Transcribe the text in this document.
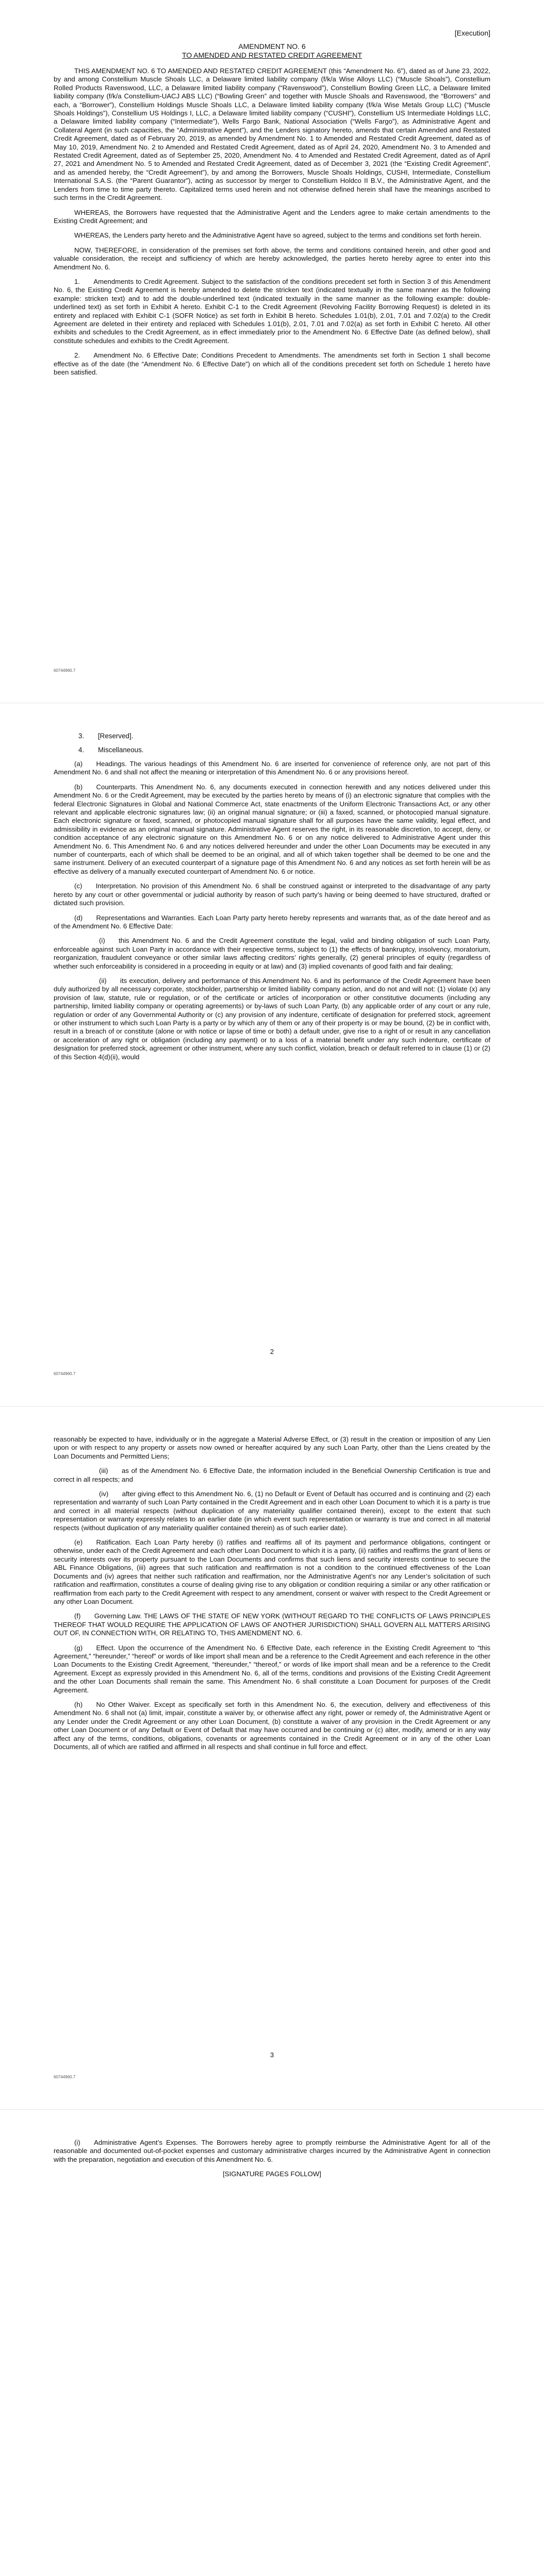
[Execution]
AMENDMENT NO. 6
TO AMENDED AND RESTATED CREDIT AGREEMENT

THIS AMENDMENT NO. 6 TO AMENDED AND RESTATED CREDIT AGREEMENT (this “Amendment No. 6”), dated as of June 23, 2022, by and among Constellium Muscle Shoals LLC, a Delaware limited liability company (f/k/a Wise Alloys LLC) (“Muscle Shoals”), Constellium Rolled Products Ravenswood, LLC, a Delaware limited liability company (“Ravenswood”), Constellium Bowling Green LLC, a Delaware limited liability company (f/k/a Constellium-UACJ ABS LLC) (“Bowling Green” and together with Muscle Shoals and Ravenswood, the “Borrowers” and each, a “Borrower”), Constellium Holdings Muscle Shoals LLC, a Delaware limited liability company (f/k/a Wise Metals Group LLC) (“Muscle Shoals Holdings”), Constellium US Holdings I, LLC, a Delaware limited liability company (“CUSHI”), Constellium US Intermediate Holdings LLC, a Delaware limited liability company (“Intermediate”), Wells Fargo Bank, National Association (“Wells Fargo”), as Administrative Agent and Collateral Agent (in such capacities, the “Administrative Agent”), and the Lenders signatory hereto, amends that certain Amended and Restated Credit Agreement, dated as of February 20, 2019, as amended by Amendment No. 1 to Amended and Restated Credit Agreement, dated as of May 10, 2019, Amendment No. 2 to Amended and Restated Credit Agreement, dated as of April 24, 2020, Amendment No. 3 to Amended and Restated Credit Agreement, dated as of September 25, 2020, Amendment No. 4 to Amended and Restated Credit Agreement, dated as of April 27, 2021 and Amendment No. 5 to Amended and Restated Credit Agreement, dated as of December 3, 2021 (the “Existing Credit Agreement”, and as amended hereby, the “Credit Agreement”), by and among the Borrowers, Muscle Shoals Holdings, CUSHI, Intermediate, Constellium International S.A.S. (the “Parent Guarantor”), acting as successor by merger to Constellium Holdco II B.V., the Administrative Agent, and the Lenders from time to time party thereto. Capitalized terms used herein and not otherwise defined herein shall have the meanings ascribed to such terms in the Credit Agreement.

WHEREAS, the Borrowers have requested that the Administrative Agent and the Lenders agree to make certain amendments to the Existing Credit Agreement; and

WHEREAS, the Lenders party hereto and the Administrative Agent have so agreed, subject to the terms and conditions set forth herein.

NOW, THEREFORE, in consideration of the premises set forth above, the terms and conditions contained herein, and other good and valuable consideration, the receipt and sufficiency of which are hereby acknowledged, the parties hereto hereby agree to enter into this Amendment No. 6.

1.  Amendments to Credit Agreement. Subject to the satisfaction of the conditions precedent set forth in Section 3 of this Amendment No. 6, the Existing Credit Agreement is hereby amended to delete the stricken text (indicated textually in the same manner as the following example: stricken text) and to add the double-underlined text (indicated textually in the same manner as the following example: double-underlined text) as set forth in Exhibit A hereto. Exhibit C-1 to the Credit Agreement (Revolving Facility Borrowing Request) is deleted in its entirety and replaced with Exhibit C-1 (SOFR Notice) as set forth in Exhibit B hereto. Schedules 1.01(b), 2.01, 7.01 and 7.02(a) to the Credit Agreement are deleted in their entirety and replaced with Schedules 1.01(b), 2.01, 7.01 and 7.02(a) as set forth in Exhibit C hereto. All other exhibits and schedules to the Credit Agreement, as in effect immediately prior to the Amendment No. 6 Effective Date (as defined below), shall constitute schedules and exhibits to the Credit Agreement.

2.  Amendment No. 6 Effective Date; Conditions Precedent to Amendments. The amendments set forth in Section 1 shall become effective as of the date (the “Amendment No. 6 Effective Date”) on which all of the conditions precedent set forth on Schedule 1 hereto have been satisfied.

60744960.7
3.  [Reserved].
4.  Miscellaneous.

(a)  Headings. The various headings of this Amendment No. 6 are inserted for convenience of reference only, are not part of this Amendment No. 6 and shall not affect the meaning or interpretation of this Amendment No. 6 or any provisions hereof.

(b)  Counterparts. This Amendment No. 6, any documents executed in connection herewith and any notices delivered under this Amendment No. 6 or the Credit Agreement, may be executed by the parties hereto by means of (i) an electronic signature that complies with the federal Electronic Signatures in Global and National Commerce Act, state enactments of the Uniform Electronic Transactions Act, or any other relevant and applicable electronic signatures law; (ii) an original manual signature; or (iii) a faxed, scanned, or photocopied manual signature. Each electronic signature or faxed, scanned, or photocopied manual signature shall for all purposes have the same validity, legal effect, and admissibility in evidence as an original manual signature. Administrative Agent reserves the right, in its reasonable discretion, to accept, deny, or condition acceptance of any electronic signature on this Amendment No. 6 or on any notice delivered to Administrative Agent under this Amendment No. 6. This Amendment No. 6 and any notices delivered hereunder and under the other Loan Documents may be executed in any number of counterparts, each of which shall be deemed to be an original, and all of which taken together shall be deemed to be one and the same instrument. Delivery of an executed counterpart of a signature page of this Amendment No. 6 and any notices as set forth herein will be as effective as delivery of a manually executed counterpart of Amendment No. 6 or notice.

(c)  Interpretation. No provision of this Amendment No. 6 shall be construed against or interpreted to the disadvantage of any party hereto by any court or other governmental or judicial authority by reason of such party’s having or being deemed to have structured, drafted or dictated such provision.

(d)  Representations and Warranties. Each Loan Party party hereto hereby represents and warrants that, as of the date hereof and as of the Amendment No. 6 Effective Date:

(i)  this Amendment No. 6 and the Credit Agreement constitute the legal, valid and binding obligation of such Loan Party, enforceable against such Loan Party in accordance with their respective terms, subject to (1) the effects of bankruptcy, insolvency, moratorium, reorganization, fraudulent conveyance or other similar laws affecting creditors’ rights generally, (2) general principles of equity (regardless of whether such enforceability is considered in a proceeding in equity or at law) and (3) implied covenants of good faith and fair dealing;

(ii)  its execution, delivery and performance of this Amendment No. 6 and its performance of the Credit Agreement have been duly authorized by all necessary corporate, stockholder, partnership or limited liability company action, and do not and will not: (1) violate (x) any provision of law, statute, rule or regulation, or of the certificate or articles of incorporation or other constitutive documents (including any partnership, limited liability company or operating agreements) or by-laws of such Loan Party, (b) any applicable order of any court or any rule, regulation or order of any Governmental Authority or (c) any provision of any indenture, certificate of designation for preferred stock, agreement or other instrument to which such Loan Party is a party or by which any of them or any of their property is or may be bound, (2) be in conflict with, result in a breach of or constitute (alone or with notice or lapse of time or both) a default under, give rise to a right of or result in any cancellation or acceleration of any right or obligation (including any payment) or to a loss of a material benefit under any such indenture, certificate of designation for preferred stock, agreement or other instrument, where any such conflict, violation, breach or default referred to in clause (1) or (2) of this Section 4(d)(ii), would

2
60744960.7

reasonably be expected to have, individually or in the aggregate a Material Adverse Effect, or (3) result in the creation or imposition of any Lien upon or with respect to any property or assets now owned or hereafter acquired by any such Loan Party, other than the Liens created by the Loan Documents and Permitted Liens;

(iii)  as of the Amendment No. 6 Effective Date, the information included in the Beneficial Ownership Certification is true and correct in all respects; and

(iv)  after giving effect to this Amendment No. 6, (1) no Default or Event of Default has occurred and is continuing and (2) each representation and warranty of such Loan Party contained in the Credit Agreement and in each other Loan Document to which it is a party is true and correct in all material respects (without duplication of any materiality qualifier contained therein), except to the extent that such representation or warranty expressly relates to an earlier date (in which event such representation or warranty is true and correct in all material respects (without duplication of any materiality qualifier contained therein) as of such earlier date).

(e)  Ratification. Each Loan Party hereby (i) ratifies and reaffirms all of its payment and performance obligations, contingent or otherwise, under each of the Credit Agreement and each other Loan Document to which it is a party, (ii) ratifies and reaffirms the grant of liens or security interests over its property pursuant to the Loan Documents and confirms that such liens and security interests continue to secure the ABL Finance Obligations, (iii) agrees that such ratification and reaffirmation is not a condition to the continued effectiveness of the Loan Documents and (iv) agrees that neither such ratification and reaffirmation, nor the Administrative Agent’s nor any Lender’s solicitation of such ratification and reaffirmation, constitutes a course of dealing giving rise to any obligation or condition requiring a similar or any other ratification or reaffirmation from each party to the Credit Agreement with respect to any amendment, consent or waiver with respect to the Credit Agreement or any other Loan Document.

(f)  Governing Law. THE LAWS OF THE STATE OF NEW YORK (WITHOUT REGARD TO THE CONFLICTS OF LAWS PRINCIPLES THEREOF THAT WOULD REQUIRE THE APPLICATION OF LAWS OF ANOTHER JURISDICTION) SHALL GOVERN ALL MATTERS ARISING OUT OF, IN CONNECTION WITH, OR RELATING TO, THIS AMENDMENT NO. 6.

(g)  Effect. Upon the occurrence of the Amendment No. 6 Effective Date, each reference in the Existing Credit Agreement to “this Agreement,” “hereunder,” “hereof” or words of like import shall mean and be a reference to the Credit Agreement and each reference in the other Loan Documents to the Existing Credit Agreement, “thereunder,” “thereof,” or words of like import shall mean and be a reference to the Credit Agreement. Except as expressly provided in this Amendment No. 6, all of the terms, conditions and provisions of the Existing Credit Agreement and the other Loan Documents shall remain the same. This Amendment No. 6 shall constitute a Loan Document for purposes of the Credit Agreement.

(h)  No Other Waiver. Except as specifically set forth in this Amendment No. 6, the execution, delivery and effectiveness of this Amendment No. 6 shall not (a) limit, impair, constitute a waiver by, or otherwise affect any right, power or remedy of, the Administrative Agent or any Lender under the Credit Agreement or any other Loan Document, (b) constitute a waiver of any provision in the Credit Agreement or any other Loan Document or of any Default or Event of Default that may have occurred and be continuing or (c) alter, modify, amend or in any way affect any of the terms, conditions, obligations, covenants or agreements contained in the Credit Agreement or in any of the other Loan Documents, all of which are ratified and affirmed in all respects and shall continue in full force and effect.

3
60744960.7

(i)  Administrative Agent’s Expenses. The Borrowers hereby agree to promptly reimburse the Administrative Agent for all of the reasonable and documented out-of-pocket expenses and customary administrative charges incurred by the Administrative Agent in connection with the preparation, negotiation and execution of this Amendment No. 6.

[SIGNATURE PAGES FOLLOW]
